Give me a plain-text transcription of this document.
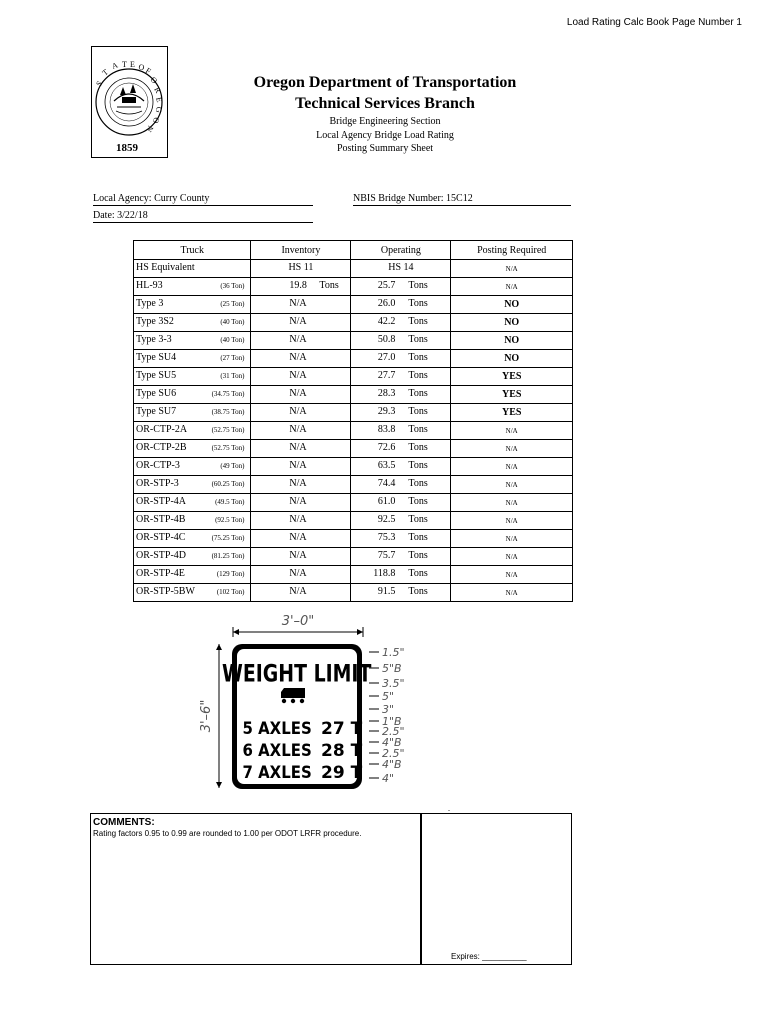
Load Rating Calc Book Page Number 1
S
T
A T E O
F
O
R
E
G
O
N
1859
Oregon Department of Transportation
Technical Services Branch
Bridge Engineering Section
Local Agency Bridge Load Rating
Posting Summary Sheet
Local Agency: Curry County
Date: 3/22/18
NBIS Bridge Number: 15C12
Truck	Inventory	Operating	Posting Required

HS Equivalent	HS 11	HS 14	N/A

HL-93 (36 Ton)	19.8 Tons	25.7 Tons	N/A

Type 3 (25 Ton)	N/A	26.0 Tons	NO

Type 3S2 (40 Ton)	N/A	42.2 Tons	NO

Type 3-3 (40 Ton)	N/A	50.8 Tons	NO

Type SU4 (27 Ton)	N/A	27.0 Tons	NO

Type SU5 (31 Ton)	N/A	27.7 Tons	YES

Type SU6 (34.75 Ton)	N/A	28.3 Tons	YES

Type SU7 (38.75 Ton)	N/A	29.3 Tons	YES

OR-CTP-2A (52.75 Ton)	N/A	83.8 Tons	N/A

OR-CTP-2B (52.75 Ton)	N/A	72.6 Tons	N/A

OR-CTP-3 (49 Ton)	N/A	63.5 Tons	N/A

OR-STP-3 (60.25 Ton)	N/A	74.4 Tons	N/A

OR-STP-4A (49.5 Ton)	N/A	61.0 Tons	N/A

OR-STP-4B (92.5 Ton)	N/A	92.5 Tons	N/A

OR-STP-4C (75.25 Ton)	N/A	75.3 Tons	N/A

OR-STP-4D (81.25 Ton)	N/A	75.7 Tons	N/A

OR-STP-4E (129 Ton)	N/A	118.8 Tons	N/A

OR-STP-5BW (102 Ton)	N/A	91.5 Tons	N/A
3'–0"
3'–6"
WEIGHT LIMIT
5 AXLES 27 T
6 AXLES 28 T
7 AXLES 29 T
1.5"
5"B
3.5"
5"
3"
1"B
2.5"
4"B
2.5"
4"B
4"
.
COMMENTS:
Rating factors 0.95 to 0.99 are rounded to 1.00 per ODOT LRFR procedure.
Expires: __________
